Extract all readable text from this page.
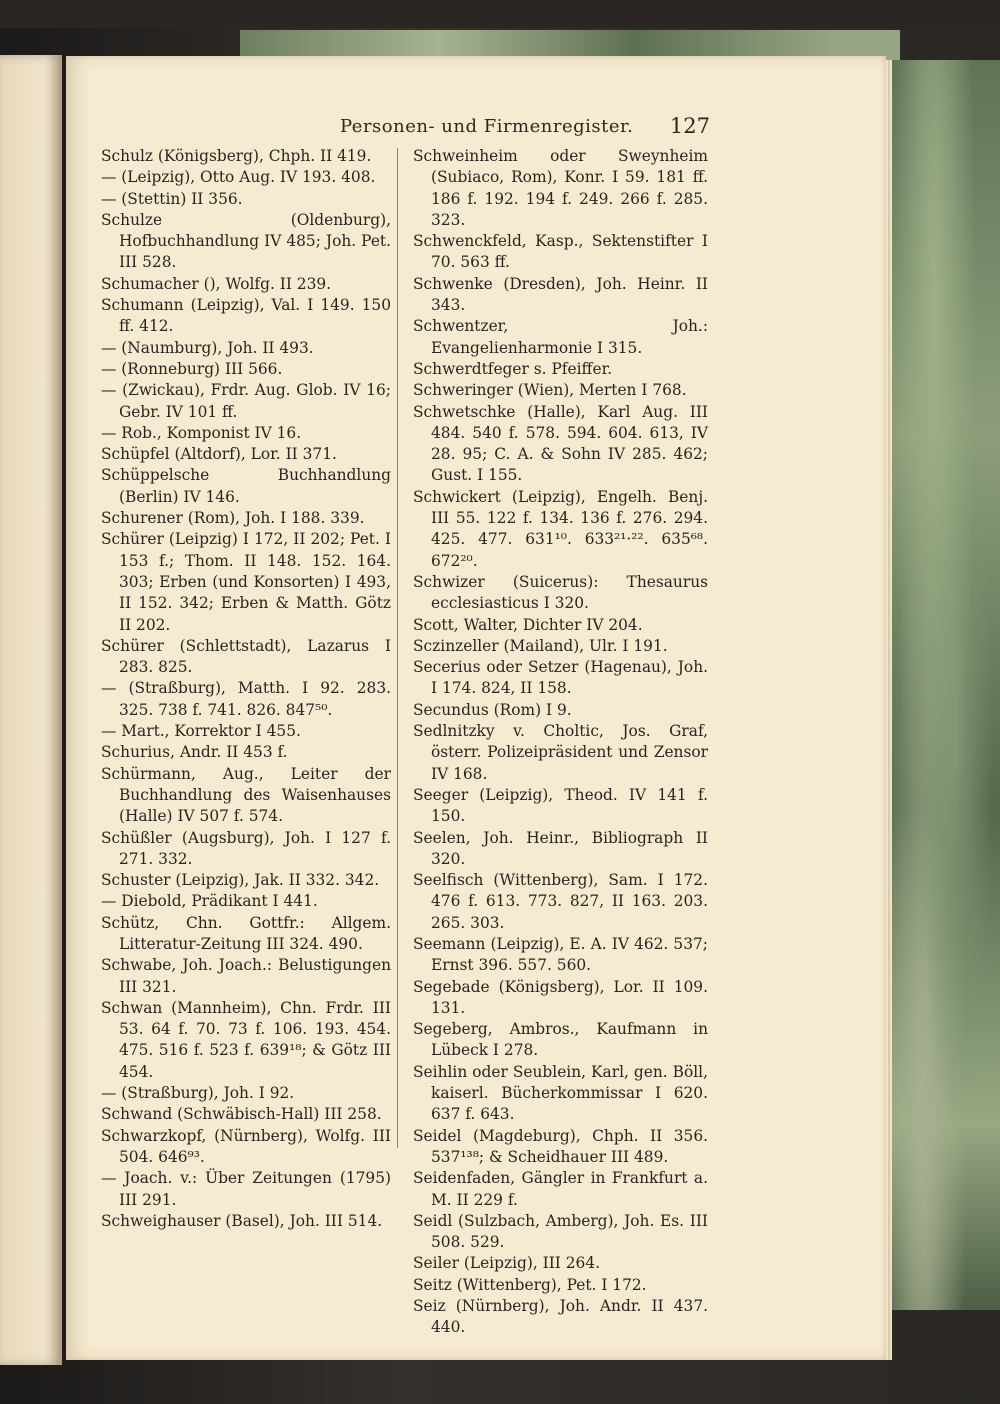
Personen- und Firmenregister. 127

Schulz (Königsberg), Chph. II 419.

— (Leipzig), Otto Aug. IV 193. 408.

— (Stettin) II 356.

Schulze (Oldenburg), Hofbuchhandlung IV 485; Joh. Pet. III 528.

Schumacher (), Wolfg. II 239.

Schumann (Leipzig), Val. I 149. 150 ff. 412.

— (Naumburg), Joh. II 493.

— (Ronneburg) III 566.

— (Zwickau), Frdr. Aug. Glob. IV 16; Gebr. IV 101 ff.

— Rob., Komponist IV 16.

Schüpfel (Altdorf), Lor. II 371.

Schüppelsche Buchhandlung (Berlin) IV 146.

Schurener (Rom), Joh. I 188. 339.

Schürer (Leipzig) I 172, II 202; Pet. I 153 f.; Thom. II 148. 152. 164. 303; Erben (und Konsorten) I 493, II 152. 342; Erben & Matth. Götz II 202.

Schürer (Schlettstadt), Lazarus I 283. 825.

— (Straßburg), Matth. I 92. 283. 325. 738 f. 741. 826. 847⁵⁰.

— Mart., Korrektor I 455.

Schurius, Andr. II 453 f.

Schürmann, Aug., Leiter der Buchhandlung des Waisenhauses (Halle) IV 507 f. 574.

Schüßler (Augsburg), Joh. I 127 f. 271. 332.

Schuster (Leipzig), Jak. II 332. 342.

— Diebold, Prädikant I 441.

Schütz, Chn. Gottfr.: Allgem. Litteratur-Zeitung III 324. 490.

Schwabe, Joh. Joach.: Belustigungen III 321.

Schwan (Mannheim), Chn. Frdr. III 53. 64 f. 70. 73 f. 106. 193. 454. 475. 516 f. 523 f. 639¹⁸; & Götz III 454.

— (Straßburg), Joh. I 92.

Schwand (Schwäbisch-Hall) III 258.

Schwarzkopf, (Nürnberg), Wolfg. III 504. 646⁹³.

— Joach. v.: Über Zeitungen (1795) III 291.

Schweighauser (Basel), Joh. III 514.

Schweinheim oder Sweynheim (Subiaco, Rom), Konr. I 59. 181 ff. 186 f. 192. 194 f. 249. 266 f. 285. 323.

Schwenckfeld, Kasp., Sektenstifter I 70. 563 ff.

Schwenke (Dresden), Joh. Heinr. II 343.

Schwentzer, Joh.: Evangelienharmonie I 315.

Schwerdtfeger s. Pfeiffer.

Schweringer (Wien), Merten I 768.

Schwetschke (Halle), Karl Aug. III 484. 540 f. 578. 594. 604. 613, IV 28. 95; C. A. & Sohn IV 285. 462; Gust. I 155.

Schwickert (Leipzig), Engelh. Benj. III 55. 122 f. 134. 136 f. 276. 294. 425. 477. 631¹⁰. 633²¹·²². 635⁶⁸. 672²⁰.

Schwizer (Suicerus): Thesaurus ecclesiasticus I 320.

Scott, Walter, Dichter IV 204.

Sczinzeller (Mailand), Ulr. I 191.

Secerius oder Setzer (Hagenau), Joh. I 174. 824, II 158.

Secundus (Rom) I 9.

Sedlnitzky v. Choltic, Jos. Graf, österr. Polizeipräsident und Zensor IV 168.

Seeger (Leipzig), Theod. IV 141 f. 150.

Seelen, Joh. Heinr., Bibliograph II 320.

Seelfisch (Wittenberg), Sam. I 172. 476 f. 613. 773. 827, II 163. 203. 265. 303.

Seemann (Leipzig), E. A. IV 462. 537; Ernst 396. 557. 560.

Segebade (Königsberg), Lor. II 109. 131.

Segeberg, Ambros., Kaufmann in Lübeck I 278.

Seihlin oder Seublein, Karl, gen. Böll, kaiserl. Bücherkommissar I 620. 637 f. 643.

Seidel (Magdeburg), Chph. II 356. 537¹³⁸; & Scheidhauer III 489.

Seidenfaden, Gängler in Frankfurt a. M. II 229 f.

Seidl (Sulzbach, Amberg), Joh. Es. III 508. 529.

Seiler (Leipzig), III 264.

Seitz (Wittenberg), Pet. I 172.

Seiz (Nürnberg), Joh. Andr. II 437. 440.
